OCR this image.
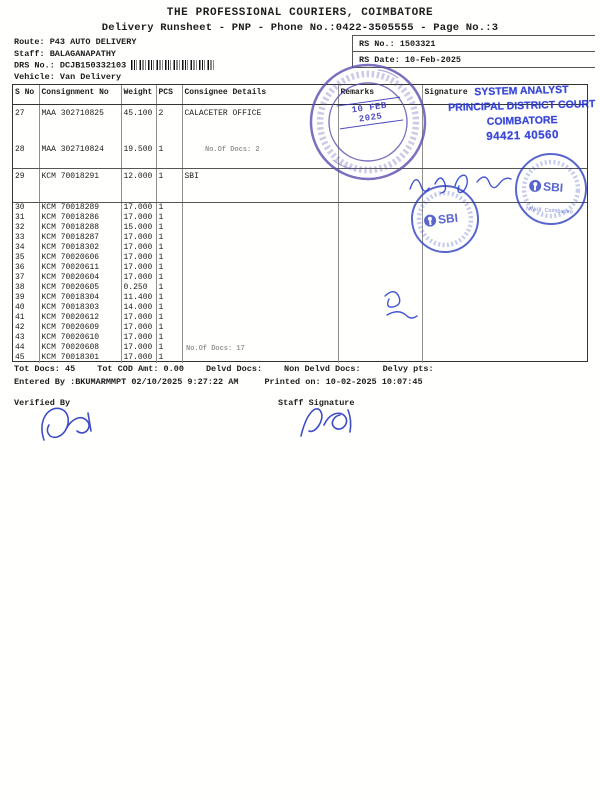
THE PROFESSIONAL COURIERS, COIMBATORE
Delivery Runsheet - PNP - Phone No.:0422-3505555 - Page No.:3
Route: P43 AUTO DELIVERY
Staff: BALAGANAPATHY
DRS No.: DCJB150332103
Vehicle: Van Delivery
RS No.: 1503321
RS Date: 10-Feb-2025
S No	Consignment No	Weight	PCS	Consignee Details	Remarks	Signature
27	MAA 302710825	45.100	2	CALACETER OFFICE		
28	MAA 302710824	19.500	1			
29	KCM 70018291	12.000	1	SBI		
30	KCM 70018289	17.000	1			
31	KCM 70018286	17.000	1			
32	KCM 70018288	15.000	1			
33	KCM 70018287	17.000	1			
34	KCM 70018302	17.000	1			
35	KCM 70020606	17.000	1			
36	KCM 70020611	17.000	1			
37	KCM 70020604	17.000	1			
38	KCM 70020605	0.250	1			
39	KCM 70018304	11.400	1			
40	KCM 70018303	14.000	1			
41	KCM 70020612	17.000	1			
42	KCM 70020609	17.000	1			
43	KCM 70020610	17.000	1			
44	KCM 70020608	17.000	1			
45	KCM 70018301	17.000	1			

No.Of Docs: 2
No.Of Docs: 17
Tot Docs: 45	Tot COD Amt: 0.00	Delvd Docs:	Non Delvd Docs:	Delvy pts:
Entered By :BKUMARMMPT 02/10/2025 9:27:22 AM	Printed on: 10-02-2025 10:07:45
Verified By	Staff Signature
10 FEB 2025
SYSTEM ANALYST
PRINCIPAL DISTRICT COURT
COIMBATORE
94421 40560
SBI
SBI
NW-III, Coimbatore
